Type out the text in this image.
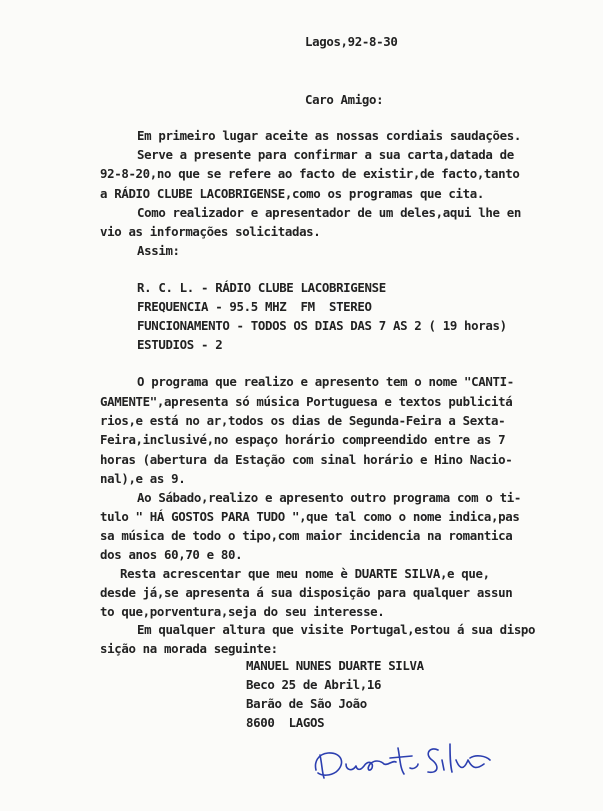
Lagos,92-8-30
Caro Amigo:
Em primeiro lugar aceite as nossas cordiais saudações.
Serve a presente para confirmar a sua carta,datada de
92-8-20,no que se refere ao facto de existir,de facto,tanto
a RÁDIO CLUBE LACOBRIGENSE,como os programas que cita.
Como realizador e apresentador de um deles,aqui lhe en
vio as informações solicitadas.
Assim:
R. C. L. - RÁDIO CLUBE LACOBRIGENSE
FREQUENCIA - 95.5 MHZ  FM  STEREO
FUNCIONAMENTO - TODOS OS DIAS DAS 7 AS 2 ( 19 horas)
ESTUDIOS - 2
O programa que realizo e apresento tem o nome "CANTI-
GAMENTE",apresenta só música Portuguesa e textos publicitá
rios,e está no ar,todos os dias de Segunda-Feira a Sexta-
Feira,inclusivé,no espaço horário compreendido entre as 7
horas (abertura da Estação com sinal horário e Hino Nacio-
nal),e as 9.
Ao Sábado,realizo e apresento outro programa com o ti-
tulo " HÁ GOSTOS PARA TUDO ",que tal como o nome indica,pas
sa música de todo o tipo,com maior incidencia na romantica
dos anos 60,70 e 80.
Resta acrescentar que meu nome è DUARTE SILVA,e que,
desde já,se apresenta á sua disposição para qualquer assun
to que,porventura,seja do seu interesse.
Em qualquer altura que visite Portugal,estou á sua dispo
sição na morada seguinte:
MANUEL NUNES DUARTE SILVA
Beco 25 de Abril,16
Barão de São João
8600  LAGOS
